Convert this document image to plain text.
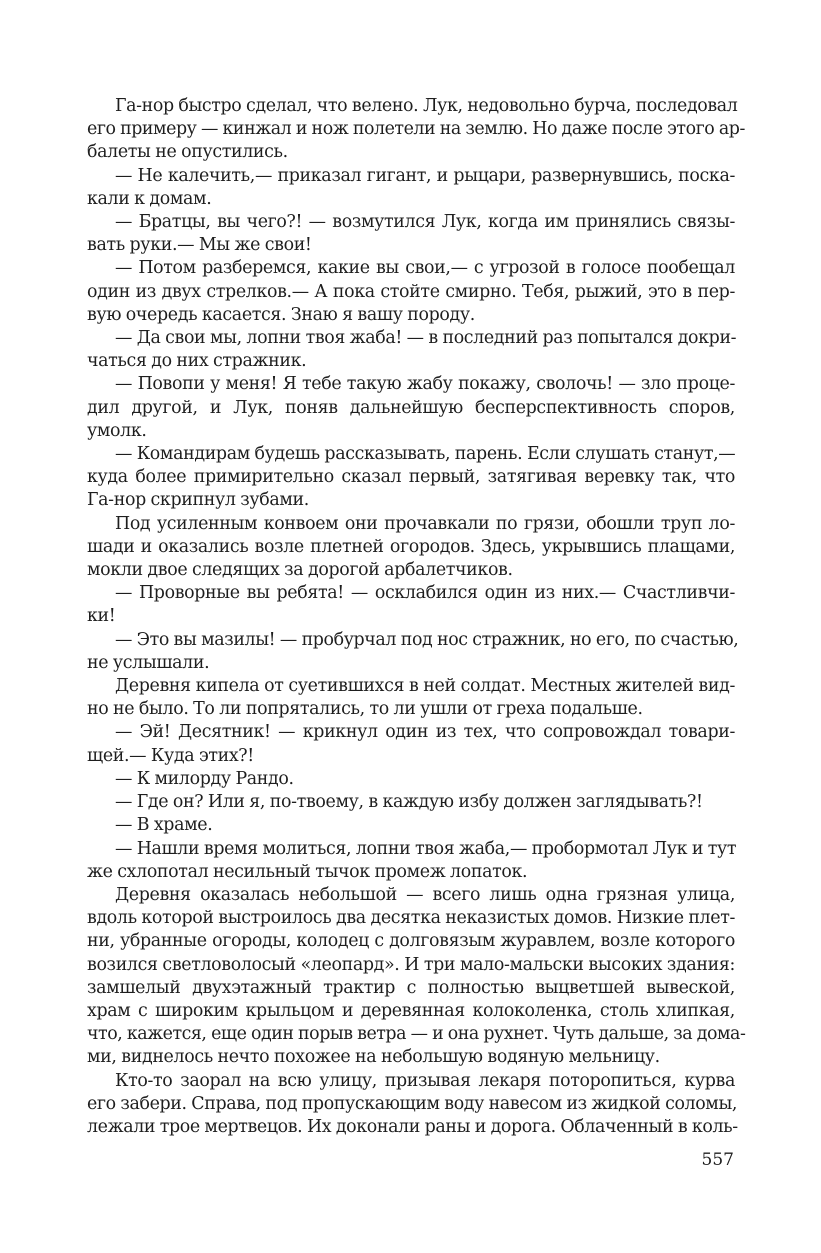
Га-нор быстро сделал, что велено. Лук, недовольно бурча, последовал
его примеру — кинжал и нож полетели на землю. Но даже после этого ар-
балеты не опустились.
— Не калечить,— приказал гигант, и рыцари, развернувшись, поска-
кали к домам.
— Братцы, вы чего?! — возмутился Лук, когда им принялись связы-
вать руки.— Мы же свои!
— Потом разберемся, какие вы свои,— с угрозой в голосе пообещал
один из двух стрелков.— А пока стойте смирно. Тебя, рыжий, это в пер-
вую очередь касается. Знаю я вашу породу.
— Да свои мы, лопни твоя жаба! — в последний раз попытался докри-
чаться до них стражник.
— Повопи у меня! Я тебе такую жабу покажу, сволочь! — зло проце-
дил другой, и Лук, поняв дальнейшую бесперспективность споров,
умолк.
— Командирам будешь рассказывать, парень. Если слушать станут,—
куда более примирительно сказал первый, затягивая веревку так, что
Га-нор скрипнул зубами.
Под усиленным конвоем они прочавкали по грязи, обошли труп ло-
шади и оказались возле плетней огородов. Здесь, укрывшись плащами,
мокли двое следящих за дорогой арбалетчиков.
— Проворные вы ребята! — осклабился один из них.— Счастливчи-
ки!
— Это вы мазилы! — пробурчал под нос стражник, но его, по счастью,
не услышали.
Деревня кипела от суетившихся в ней солдат. Местных жителей вид-
но не было. То ли попрятались, то ли ушли от греха подальше.
— Эй! Десятник! — крикнул один из тех, что сопровождал товари-
щей.— Куда этих?!
— К милорду Рандо.
— Где он? Или я, по-твоему, в каждую избу должен заглядывать?!
— В храме.
— Нашли время молиться, лопни твоя жаба,— пробормотал Лук и тут
же схлопотал несильный тычок промеж лопаток.
Деревня оказалась небольшой — всего лишь одна грязная улица,
вдоль которой выстроилось два десятка неказистых домов. Низкие плет-
ни, убранные огороды, колодец с долговязым журавлем, возле которого
возился светловолосый «леопард». И три мало-мальски высоких здания:
замшелый двухэтажный трактир с полностью выцветшей вывеской,
храм с широким крыльцом и деревянная колоколенка, столь хлипкая,
что, кажется, еще один порыв ветра — и она рухнет. Чуть дальше, за дома-
ми, виднелось нечто похожее на небольшую водяную мельницу.
Кто-то заорал на всю улицу, призывая лекаря поторопиться, курва
его забери. Справа, под пропускающим воду навесом из жидкой соломы,
лежали трое мертвецов. Их доконали раны и дорога. Облаченный в коль-
557
